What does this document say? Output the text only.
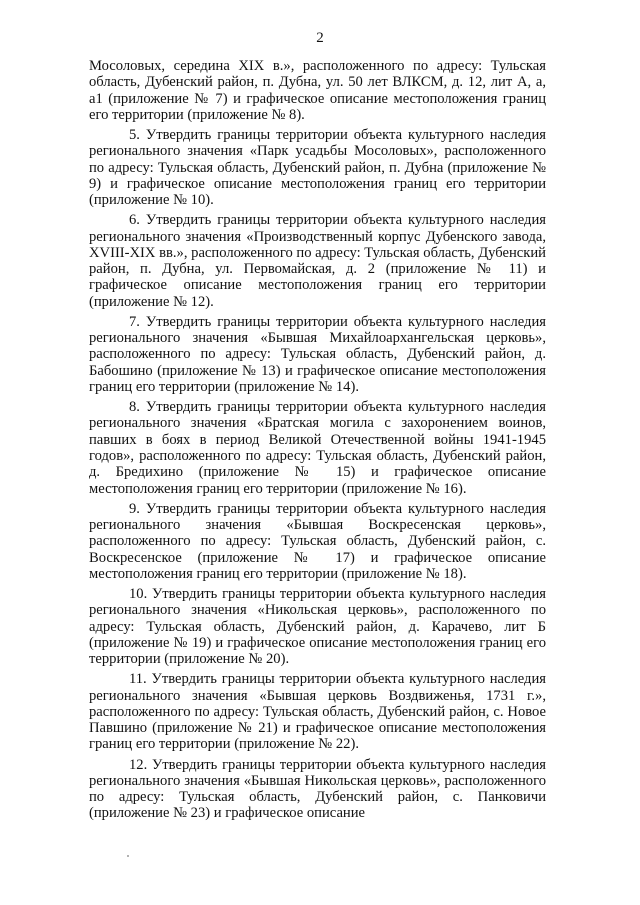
2

Мосоловых, середина XIX в.», расположенного по адресу: Тульская область, Дубенский район, п. Дубна, ул. 50 лет ВЛКСМ, д. 12, лит А, а, а1 (приложение № 7) и графическое описание местоположения границ его территории (приложение № 8).

5. Утвердить границы территории объекта культурного наследия регионального значения «Парк усадьбы Мосоловых», расположенного по адресу: Тульская область, Дубенский район, п. Дубна (приложение № 9) и графическое описание местоположения границ его территории (приложение № 10).

6. Утвердить границы территории объекта культурного наследия регионального значения «Производственный корпус Дубенского завода, XVIII-XIX вв.», расположенного по адресу: Тульская область, Дубенский район, п. Дубна, ул. Первомайская, д. 2 (приложение № 11) и графическое описание местоположения границ его территории (приложение № 12).

7. Утвердить границы территории объекта культурного наследия регионального значения «Бывшая Михайлоархангельская церковь», расположенного по адресу: Тульская область, Дубенский район, д. Бабошино (приложение № 13) и графическое описание местоположения границ его территории (приложение № 14).

8. Утвердить границы территории объекта культурного наследия регионального значения «Братская могила с захоронением воинов, павших в боях в период Великой Отечественной войны 1941-1945 годов», расположенного по адресу: Тульская область, Дубенский район, д. Бредихино (приложение № 15) и графическое описание местоположения границ его территории (приложение № 16).

9. Утвердить границы территории объекта культурного наследия регионального значения «Бывшая Воскресенская церковь», расположенного по адресу: Тульская область, Дубенский район, с. Воскресенское (приложение № 17) и графическое описание местоположения границ его территории (приложение № 18).

10. Утвердить границы территории объекта культурного наследия регионального значения «Никольская церковь», расположенного по адресу: Тульская область, Дубенский район, д. Карачево, лит Б (приложение № 19) и графическое описание местоположения границ его территории (приложение № 20).

11. Утвердить границы территории объекта культурного наследия регионального значения «Бывшая церковь Воздвиженья, 1731 г.», расположенного по адресу: Тульская область, Дубенский район, с. Новое Павшино (приложение № 21) и графическое описание местоположения границ его территории (приложение № 22).

12. Утвердить границы территории объекта культурного наследия регионального значения «Бывшая Никольская церковь», расположенного по адресу: Тульская область, Дубенский район, с. Панковичи (приложение № 23) и графическое описание
